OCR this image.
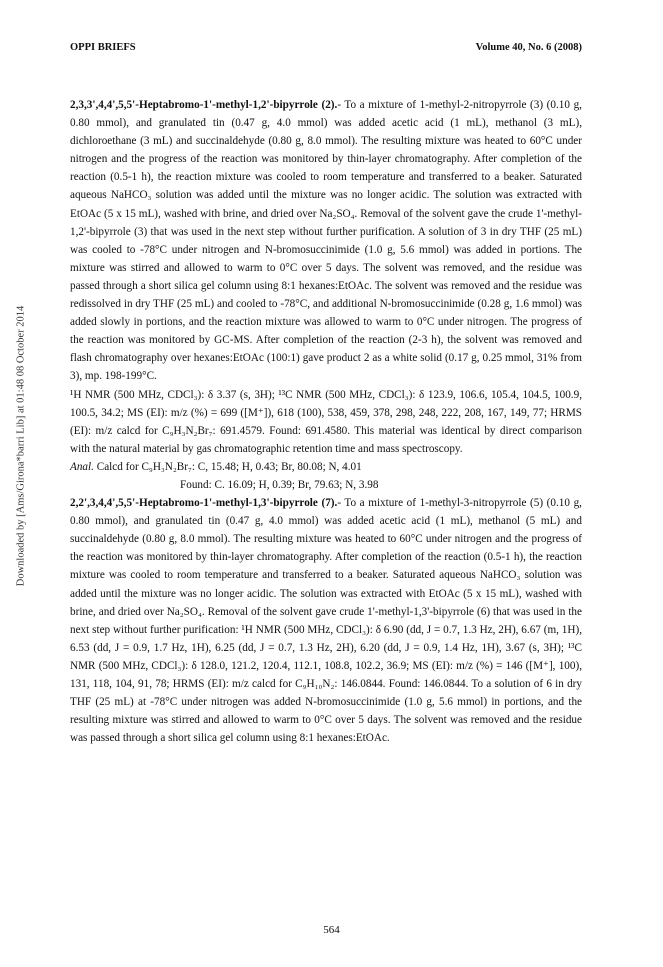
OPPI BRIEFS	Volume 40, No. 6 (2008)
Downloaded by [Ams/Girona*barri Lib] at 01:48 08 October 2014

2,3,3',4,4',5,5'-Heptabromo-1'-methyl-1,2'-bipyrrole (2).- To a mixture of 1-methyl-2-nitropyrrole (3) (0.10 g, 0.80 mmol), and granulated tin (0.47 g, 4.0 mmol) was added acetic acid (1 mL), methanol (3 mL), dichloroethane (3 mL) and succinaldehyde (0.80 g, 8.0 mmol). The resulting mixture was heated to 60°C under nitrogen and the progress of the reaction was monitored by thin-layer chromatography. After completion of the reaction (0.5-1 h), the reaction mixture was cooled to room temperature and transferred to a beaker. Saturated aqueous NaHCO₃ solution was added until the mixture was no longer acidic. The solution was extracted with EtOAc (5 x 15 mL), washed with brine, and dried over Na₂SO₄. Removal of the solvent gave the crude 1'-methyl-1,2'-bipyrrole (3) that was used in the next step without further purification. A solution of 3 in dry THF (25 mL) was cooled to -78°C under nitrogen and N-bromosuccinimide (1.0 g, 5.6 mmol) was added in portions. The mixture was stirred and allowed to warm to 0°C over 5 days. The solvent was removed, and the residue was passed through a short silica gel column using 8:1 hexanes:EtOAc. The solvent was removed and the residue was redissolved in dry THF (25 mL) and cooled to -78°C, and additional N-bromosuccinimide (0.28 g, 1.6 mmol) was added slowly in portions, and the reaction mixture was allowed to warm to 0°C under nitrogen. The progress of the reaction was monitored by GC-MS. After completion of the reaction (2-3 h), the solvent was removed and flash chromatography over hexanes:EtOAc (100:1) gave product 2 as a white solid (0.17 g, 0.25 mmol, 31% from 3), mp. 198-199°C.

¹H NMR (500 MHz, CDCl₃): δ 3.37 (s, 3H); ¹³C NMR (500 MHz, CDCl₃): δ 123.9, 106.6, 105.4, 104.5, 100.9, 100.5, 34.2; MS (EI): m/z (%) = 699 ([M⁺]), 618 (100), 538, 459, 378, 298, 248, 222, 208, 167, 149, 77; HRMS (EI): m/z calcd for C₉H₃N₂Br₇: 691.4579. Found: 691.4580. This material was identical by direct comparison with the natural material by gas chromatographic retention time and mass spectroscopy.

Anal. Calcd for C₉H₃N₂Br₇: C, 15.48; H, 0.43; Br, 80.08; N, 4.01

Found: C. 16.09; H, 0.39; Br, 79.63; N, 3.98

2,2',3,4,4',5,5'-Heptabromo-1'-methyl-1,3'-bipyrrole (7).- To a mixture of 1-methyl-3-nitropyrrole (5) (0.10 g, 0.80 mmol), and granulated tin (0.47 g, 4.0 mmol) was added acetic acid (1 mL), methanol (5 mL) and succinaldehyde (0.80 g, 8.0 mmol). The resulting mixture was heated to 60°C under nitrogen and the progress of the reaction was monitored by thin-layer chromatography. After completion of the reaction (0.5-1 h), the reaction mixture was cooled to room temperature and transferred to a beaker. Saturated aqueous NaHCO₃ solution was added until the mixture was no longer acidic. The solution was extracted with EtOAc (5 x 15 mL), washed with brine, and dried over Na₂SO₄. Removal of the solvent gave crude 1'-methyl-1,3'-bipyrrole (6) that was used in the next step without further purification: ¹H NMR (500 MHz, CDCl₃): δ 6.90 (dd, J = 0.7, 1.3 Hz, 2H), 6.67 (m, 1H), 6.53 (dd, J = 0.9, 1.7 Hz, 1H), 6.25 (dd, J = 0.7, 1.3 Hz, 2H), 6.20 (dd, J = 0.9, 1.4 Hz, 1H), 3.67 (s, 3H); ¹³C NMR (500 MHz, CDCl₃): δ 128.0, 121.2, 120.4, 112.1, 108.8, 102.2, 36.9; MS (EI): m/z (%) = 146 ([M⁺], 100), 131, 118, 104, 91, 78; HRMS (EI): m/z calcd for C₉H₁₀N₂: 146.0844. Found: 146.0844. To a solution of 6 in dry THF (25 mL) at -78°C under nitrogen was added N-bromosuccinimide (1.0 g, 5.6 mmol) in portions, and the resulting mixture was stirred and allowed to warm to 0°C over 5 days. The solvent was removed and the residue was passed through a short silica gel column using 8:1 hexanes:EtOAc.

564
